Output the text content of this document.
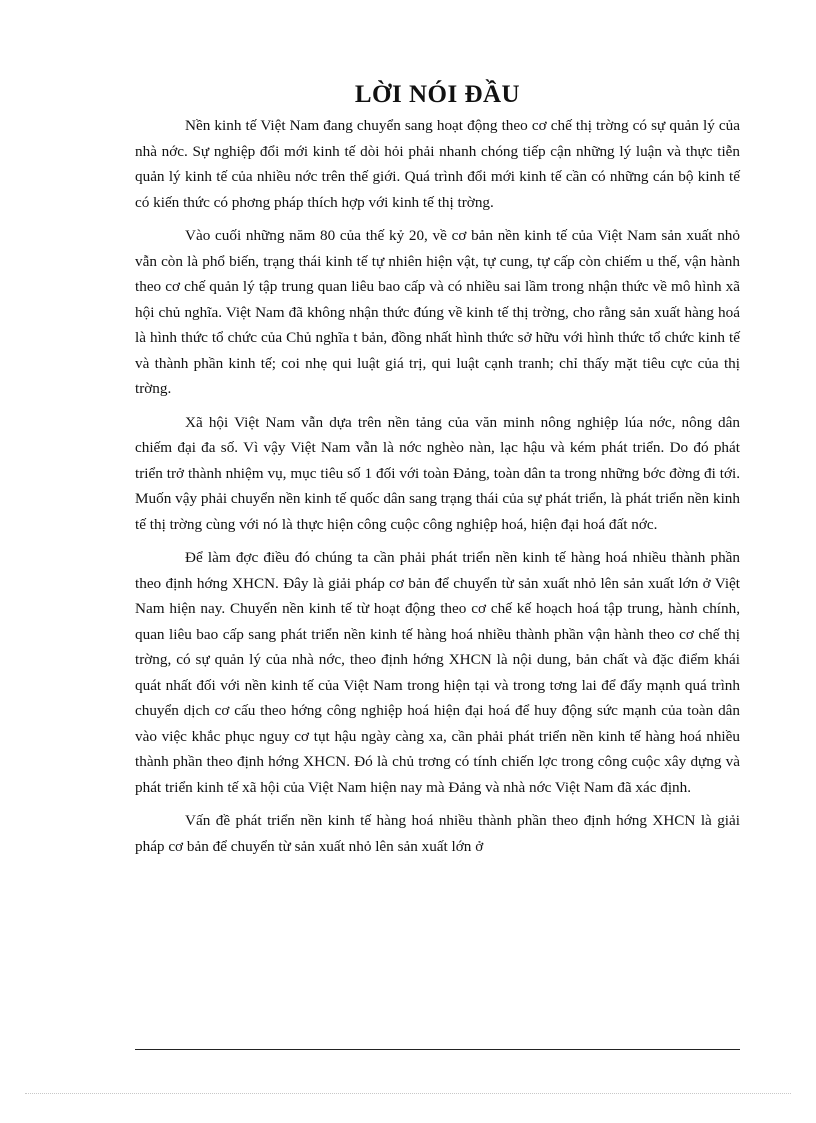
LỜI NÓI ĐẦU

Nền kinh tế Việt Nam đang chuyển sang hoạt động theo cơ chế thị trờng có sự quản lý của nhà nớc. Sự nghiệp đổi mới kinh tế dòi hỏi phải nhanh chóng tiếp cận những lý luận và thực tiễn quản lý kinh tế của nhiều nớc trên thế giới. Quá trình đổi mới kinh tế cần có những cán bộ kinh tế có kiến thức có phơng pháp thích hợp với kinh tế thị trờng.

Vào cuối những năm 80 của thế kỷ 20, về cơ bản nền kinh tế của Việt Nam sản xuất nhỏ vẫn còn là phổ biến, trạng thái kinh tế tự nhiên hiện vật, tự cung, tự cấp còn chiếm u thế, vận hành theo cơ chế quản lý tập trung quan liêu bao cấp và có nhiều sai lầm trong nhận thức về mô hình xã hội chủ nghĩa. Việt Nam đã không nhận thức đúng về kinh tế thị trờng, cho rằng sản xuất hàng hoá là hình thức tổ chức của Chủ nghĩa t bản, đồng nhất hình thức sở hữu với hình thức tổ chức kinh tế và thành phần kinh tế; coi nhẹ qui luật giá trị, qui luật cạnh tranh; chỉ thấy mặt tiêu cực của thị trờng.

Xã hội Việt Nam vẫn dựa trên nền tảng của văn minh nông nghiệp lúa nớc, nông dân chiếm đại đa số. Vì vậy Việt Nam vẫn là nớc nghèo nàn, lạc hậu và kém phát triển. Do đó phát triển trở thành nhiệm vụ, mục tiêu số 1 đối với toàn Đảng, toàn dân ta trong những bớc đờng đi tới. Muốn vậy phải chuyển nền kinh tế quốc dân sang trạng thái của sự phát triển, là phát triển nền kinh tế thị trờng cùng với nó là thực hiện công cuộc công nghiệp hoá, hiện đại hoá đất nớc.

Để làm đợc điều đó chúng ta cần phải phát triển nền kinh tế hàng hoá nhiều thành phần theo định hớng XHCN. Đây là giải pháp cơ bản để chuyển từ sản xuất nhỏ lên sản xuất lớn ở Việt Nam hiện nay. Chuyển nền kinh tế từ hoạt động theo cơ chế kế hoạch hoá tập trung, hành chính, quan liêu bao cấp sang phát triển nền kinh tế hàng hoá nhiều thành phần vận hành theo cơ chế thị trờng, có sự quản lý của nhà nớc, theo định hớng XHCN là nội dung, bản chất và đặc điểm khái quát nhất đối với nền kinh tế của Việt Nam trong hiện tại và trong tơng lai để đẩy mạnh quá trình chuyển dịch cơ cấu theo hớng công nghiệp hoá hiện đại hoá để huy động sức mạnh của toàn dân vào việc khắc phục nguy cơ tụt hậu ngày càng xa, cần phải phát triển nền kinh tế hàng hoá nhiều thành phần theo định hớng XHCN. Đó là chủ trơng có tính chiến lợc trong công cuộc xây dựng và phát triển kinh tế xã hội của Việt Nam hiện nay mà Đảng và nhà nớc Việt Nam đã xác định.

Vấn đề phát triển nền kinh tế hàng hoá nhiều thành phần theo định hớng XHCN là giải pháp cơ bản để chuyển từ sản xuất nhỏ lên sản xuất lớn ở
